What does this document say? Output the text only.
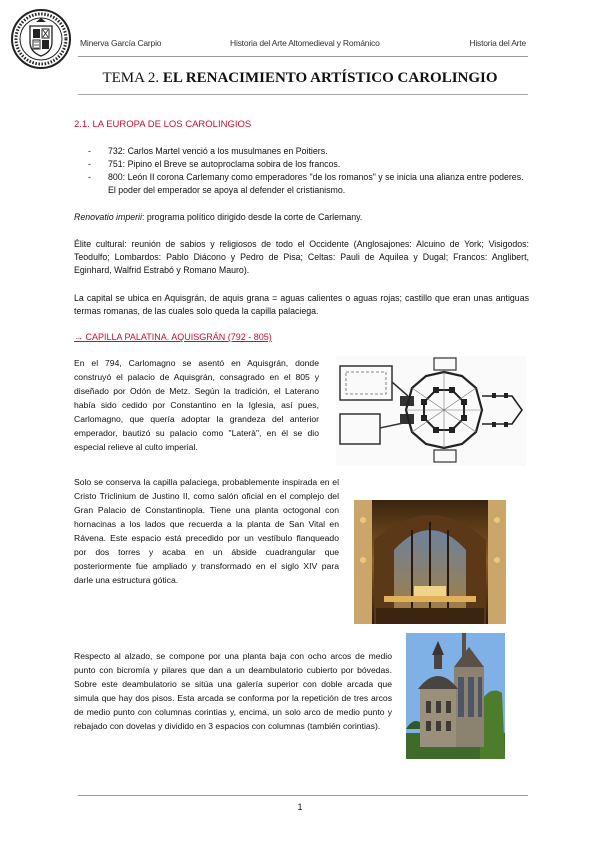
Minerva García Carpio	Historia del Arte Altomedieval y Románico	Historia del Arte
TEMA 2. EL RENACIMIENTO ARTÍSTICO CAROLINGIO
2.1. LA EUROPA DE LOS CAROLINGIOS
- 732: Carlos Martel venció a los musulmanes en Poitiers.
- 751: Pipino el Breve se autoproclama sobira de los francos.
- 800: León II corona Carlemany como emperadores "de los romanos" y se inicia una alianza entre poderes. El poder del emperador se apoya al defender el cristianismo.
Renovatio imperii: programa político dirigido desde la corte de Carlemany.
Élite cultural: reunión de sabios y religiosos de todo el Occidente (Anglosajones: Alcuino de York; Visigodos: Teodulfo; Lombardos: Pablo Diácono y Pedro de Pisa; Celtas: Pauli de Aquilea y Dugal; Francos: Anglibert, Eginhard, Walfrid Estrabó y Romano Mauro).
La capital se ubica en Aquisgrán, de aquis grana = aguas calientes o aguas rojas; castillo que eran unas antiguas termas romanas, de las cuales solo queda la capilla palaciega.
→ CAPILLA PALATINA. AQUISGRÁN (792 - 805)
En el 794, Carlomagno se asentó en Aquisgrán, donde construyó el palacio de Aquisgrán, consagrado en el 805 y diseñado por Odón de Metz. Según la tradición, el Laterano había sido cedido por Constantino en la Iglesia, así pues, Carlomagno, que quería adoptar la grandeza del anterior emperador, bautizó su palacio como "Laterà", en él se dio especial relieve al culto imperial.
Solo se conserva la capilla palaciega, probablemente inspirada en el Cristo Triclinium de Justino II, como salón oficial en el complejo del Gran Palacio de Constantinopla. Tiene una planta octogonal con hornacinas a los lados que recuerda a la planta de San Vital en Rávena. Este espacio está precedido por un vestíbulo flanqueado por dos torres y acaba en un ábside cuadrangular que posteriormente fue ampliado y transformado en el siglo XIV para darle una estructura gótica.
Respecto al alzado, se compone por una planta baja con ocho arcos de medio punto con bicromía y pilares que dan a un deambulatorio cubierto por bóvedas. Sobre este deambulatorio se sitúa una galería superior con doble arcada que simula que hay dos pisos. Esta arcada se conforma por la repetición de tres arcos de medio punto con columnas corintias y, encima, un solo arco de medio punto y rebajado con dovelas y dividido en 3 espacios con columnas (también corintias).
1
